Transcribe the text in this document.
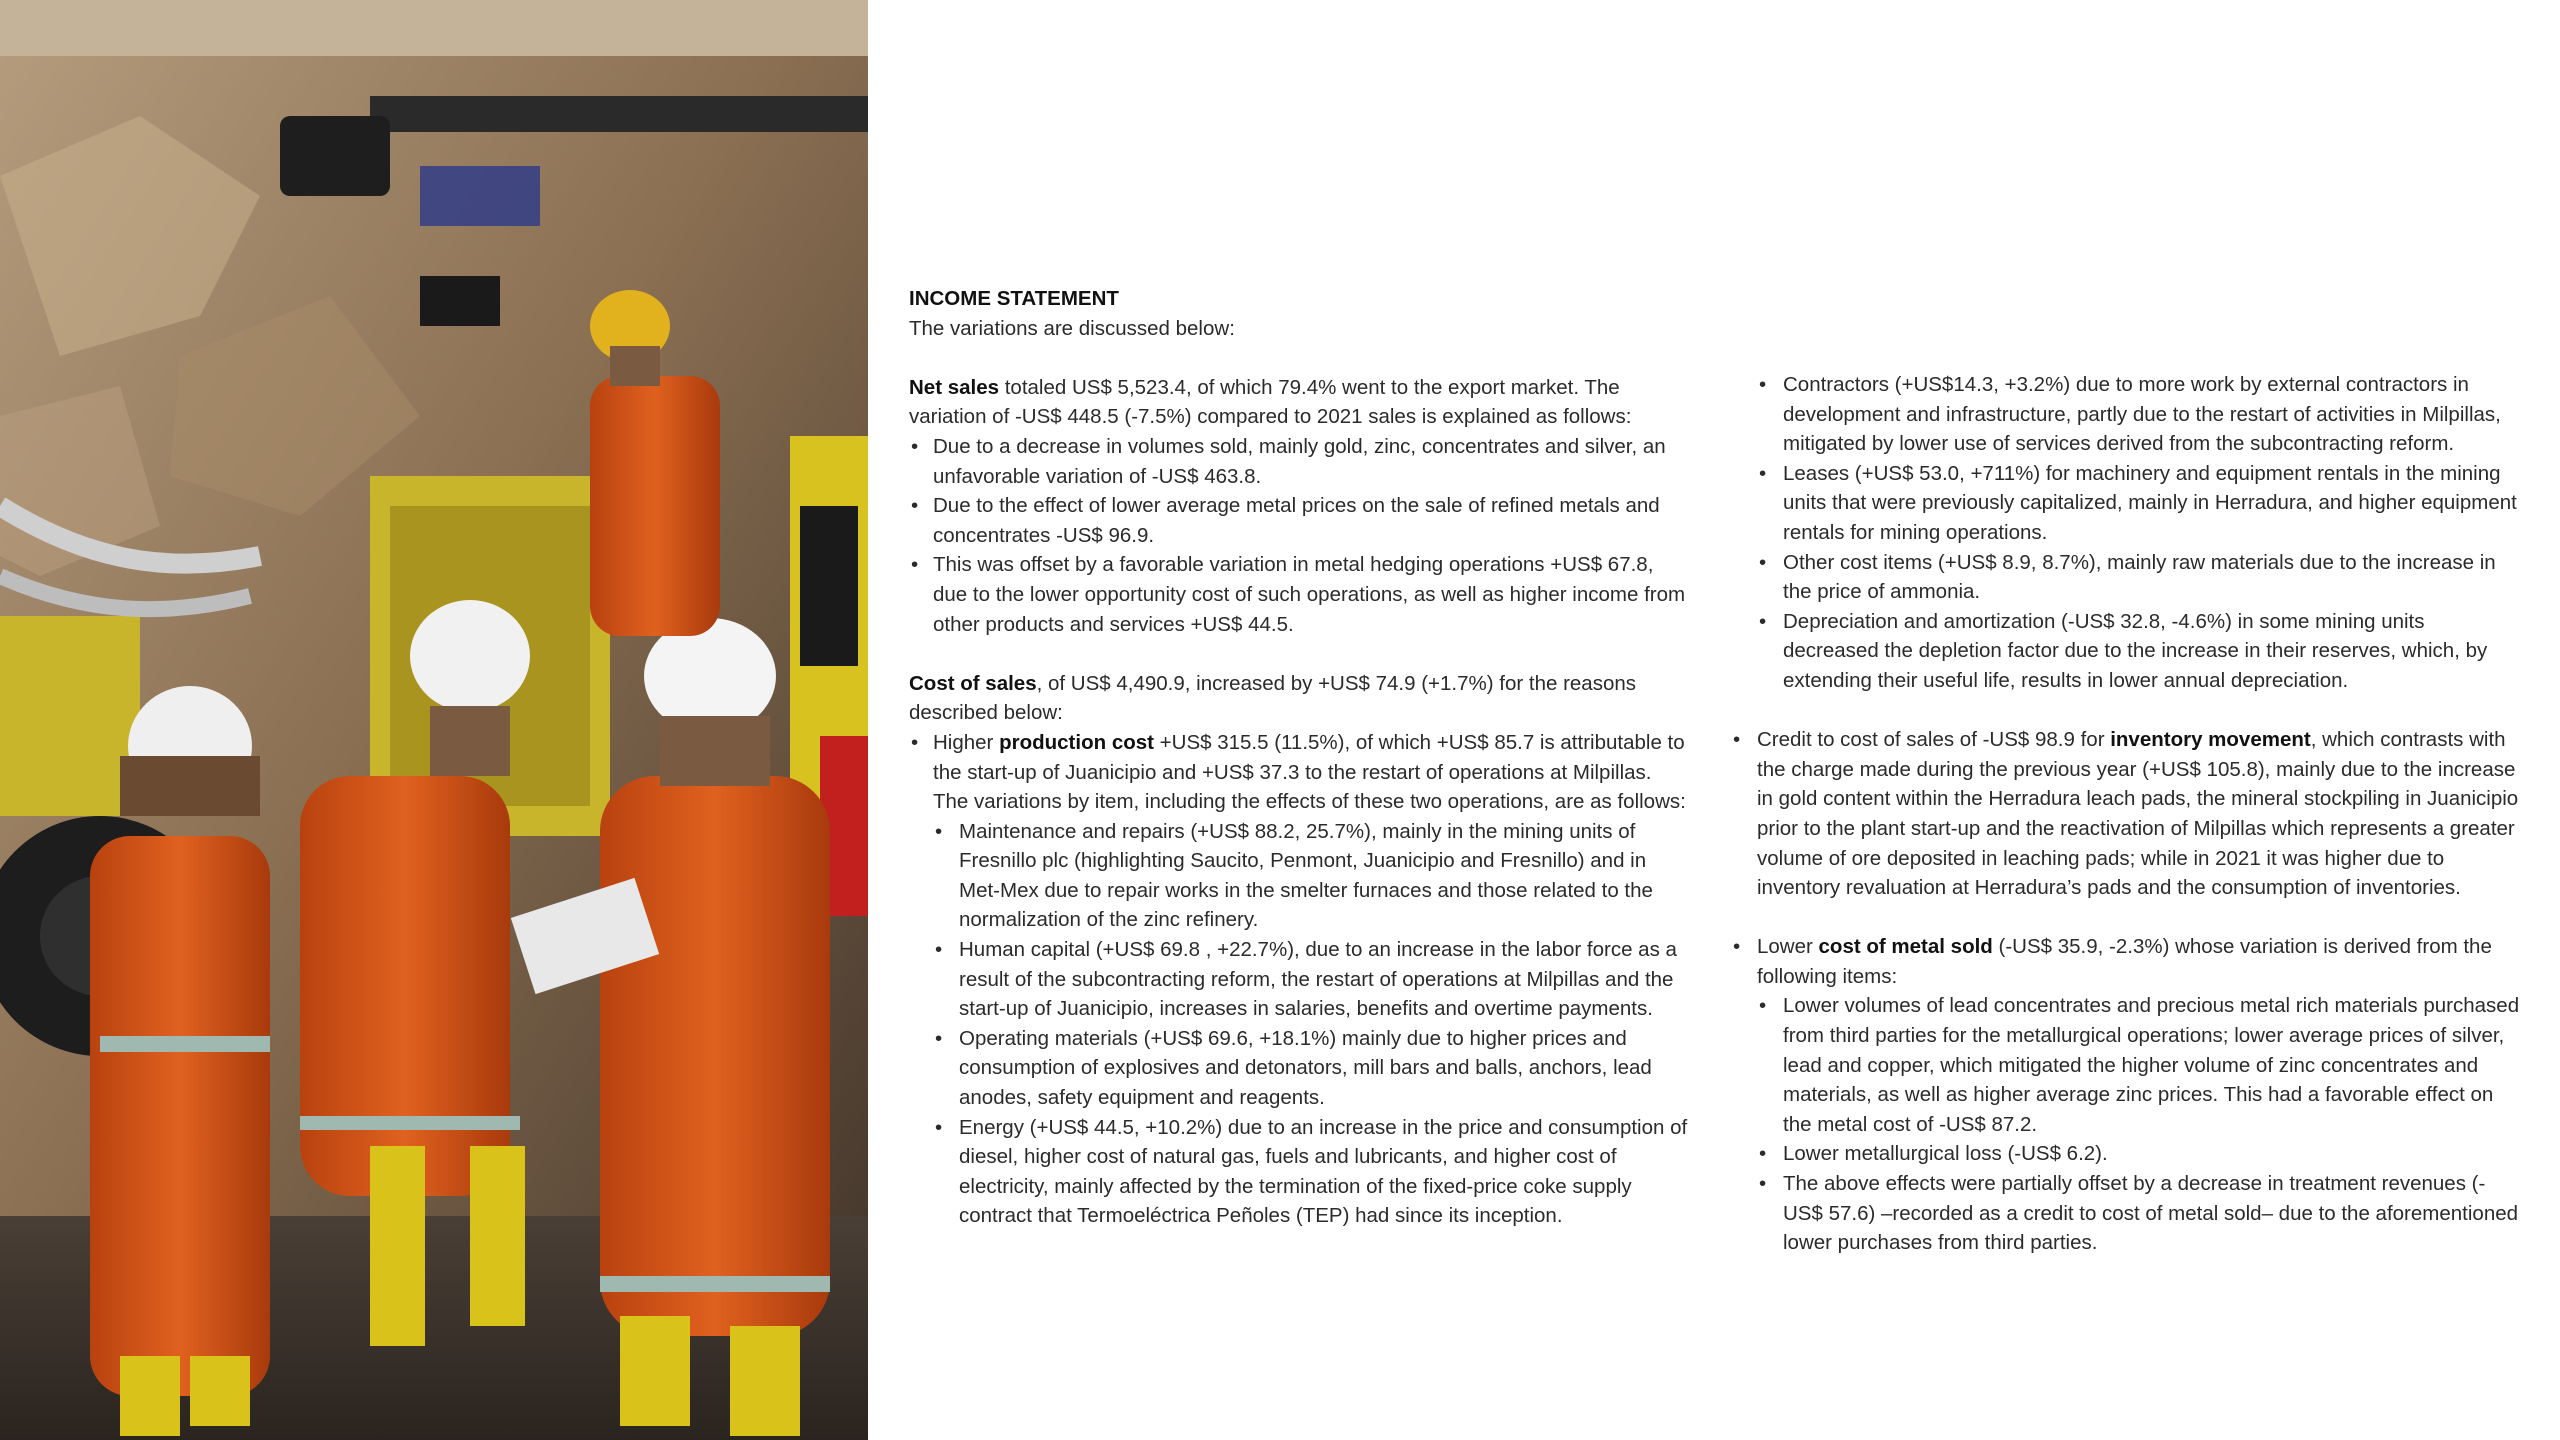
INCOME STATEMENT

The variations are discussed below:

Net sales totaled US$ 5,523.4, of which 79.4% went to the export market. The variation of -US$ 448.5 (-7.5%) compared to 2021 sales is explained as follows:

• Due to a decrease in volumes sold, mainly gold, zinc, concentrates and silver, an unfavorable variation of -US$ 463.8.
• Due to the effect of lower average metal prices on the sale of refined metals and concentrates -US$ 96.9.
• This was offset by a favorable variation in metal hedging operations +US$ 67.8, due to the lower opportunity cost of such operations, as well as higher income from other products and services +US$ 44.5.

Cost of sales, of US$ 4,490.9, increased by +US$ 74.9 (+1.7%) for the reasons described below:

• Higher production cost +US$ 315.5 (11.5%), of which +US$ 85.7 is attributable to the start-up of Juanicipio and +US$ 37.3 to the restart of operations at Milpillas. The variations by item, including the effects of these two operations, are as follows:
• Maintenance and repairs (+US$ 88.2, 25.7%), mainly in the mining units of Fresnillo plc (highlighting Saucito, Penmont, Juanicipio and Fresnillo) and in Met-Mex due to repair works in the smelter furnaces and those related to the normalization of the zinc refinery.
• Human capital (+US$ 69.8 , +22.7%), due to an increase in the labor force as a result of the subcontracting reform, the restart of operations at Milpillas and the start-up of Juanicipio, increases in salaries, benefits and overtime payments.
• Operating materials (+US$ 69.6, +18.1%) mainly due to higher prices and consumption of explosives and detonators, mill bars and balls, anchors, lead anodes, safety equipment and reagents.
• Energy (+US$ 44.5, +10.2%) due to an increase in the price and consumption of diesel, higher cost of natural gas, fuels and lubricants, and higher cost of electricity, mainly affected by the termination of the fixed-price coke supply contract that Termoeléctrica Peñoles (TEP) had since its inception.
• Contractors (+US$14.3, +3.2%) due to more work by external contractors in development and infrastructure, partly due to the restart of activities in Milpillas, mitigated by lower use of services derived from the subcontracting reform.
• Leases (+US$ 53.0, +711%) for machinery and equipment rentals in the mining units that were previously capitalized, mainly in Herradura, and higher equipment rentals for mining operations.
• Other cost items (+US$ 8.9, 8.7%), mainly raw materials due to the increase in the price of ammonia.
• Depreciation and amortization (-US$ 32.8, -4.6%) in some mining units decreased the depletion factor due to the increase in their reserves, which, by extending their useful life, results in lower annual depreciation.
• Credit to cost of sales of -US$ 98.9 for inventory movement, which contrasts with the charge made during the previous year (+US$ 105.8), mainly due to the increase in gold content within the Herradura leach pads, the mineral stockpiling in Juanicipio prior to the plant start-up and the reactivation of Milpillas which represents a greater volume of ore deposited in leaching pads; while in 2021 it was higher due to inventory revaluation at Herradura’s pads and the consumption of inventories.
• Lower cost of metal sold (-US$ 35.9, -2.3%) whose variation is derived from the following items:
• Lower volumes of lead concentrates and precious metal rich materials purchased from third parties for the metallurgical operations; lower average prices of silver, lead and copper, which mitigated the higher volume of zinc concentrates and materials, as well as higher average zinc prices. This had a favorable effect on the metal cost of -US$ 87.2.
• Lower metallurgical loss (-US$ 6.2).
• The above effects were partially offset by a decrease in treatment revenues (-US$ 57.6) –recorded as a credit to cost of metal sold– due to the aforementioned lower purchases from third parties.
